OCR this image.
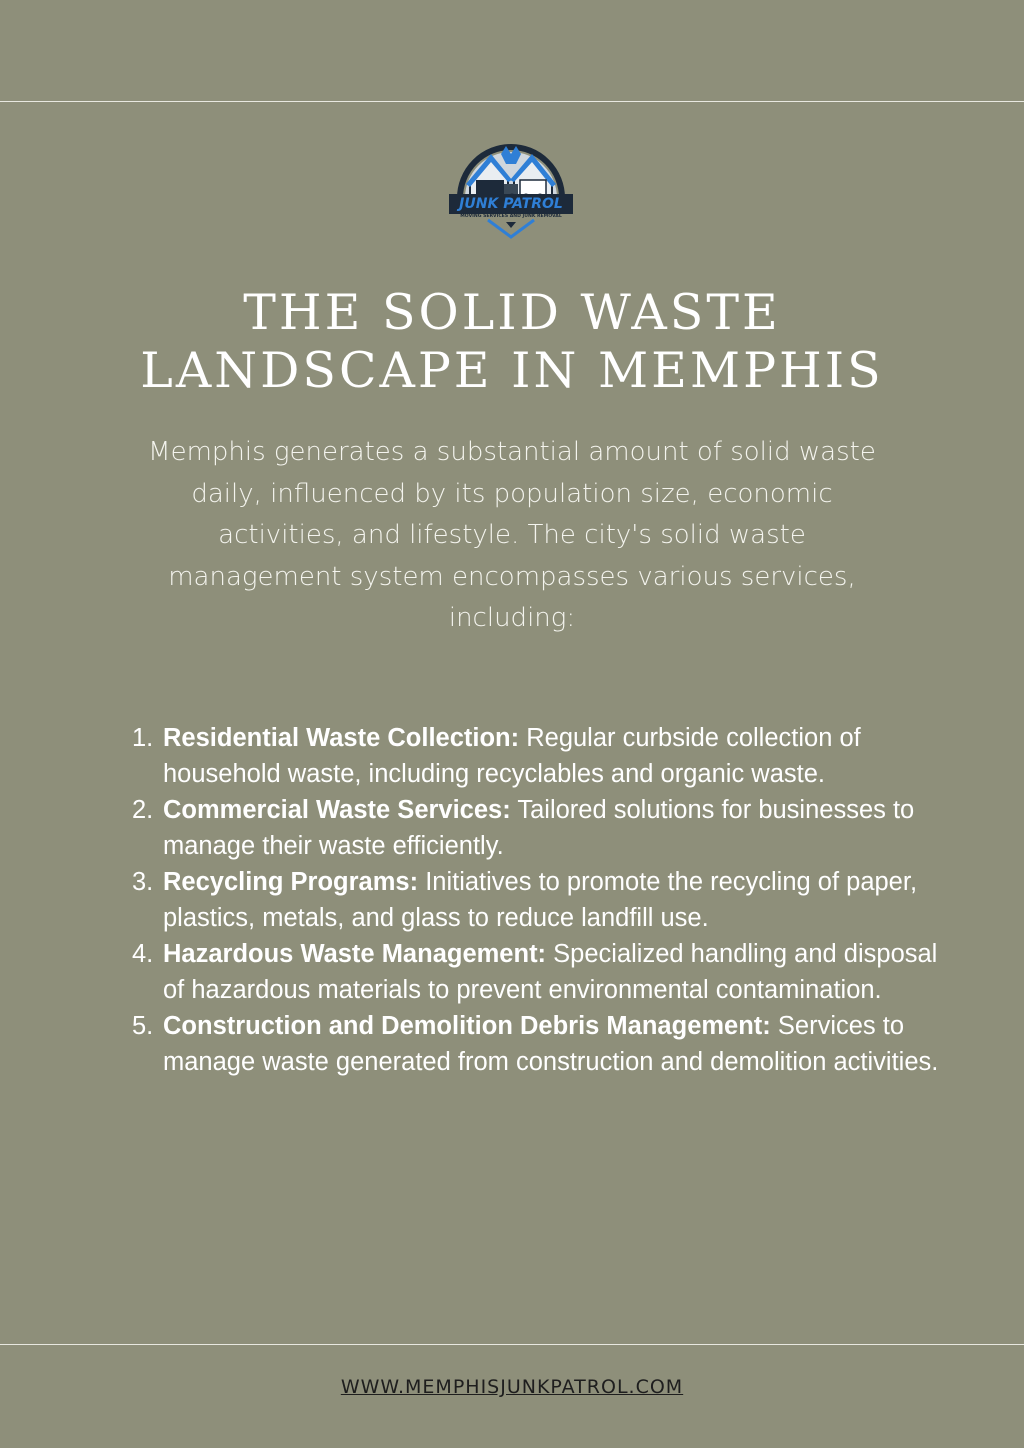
JUNK PATROL
MOVING SERVICES AND JUNK REMOVAL
THE SOLID WASTE
LANDSCAPE IN MEMPHIS

Memphis generates a substantial amount of solid waste daily, influenced by its population size, economic activities, and lifestyle. The city's solid waste management system encompasses various services, including:

1. Residential Waste Collection: Regular curbside collection of household waste, including recyclables and organic waste.
2. Commercial Waste Services: Tailored solutions for businesses to manage their waste efficiently.
3. Recycling Programs: Initiatives to promote the recycling of paper, plastics, metals, and glass to reduce landfill use.
4. Hazardous Waste Management: Specialized handling and disposal of hazardous materials to prevent environmental contamination.
5. Construction and Demolition Debris Management: Services to manage waste generated from construction and demolition activities.
WWW.MEMPHISJUNKPATROL.COM
